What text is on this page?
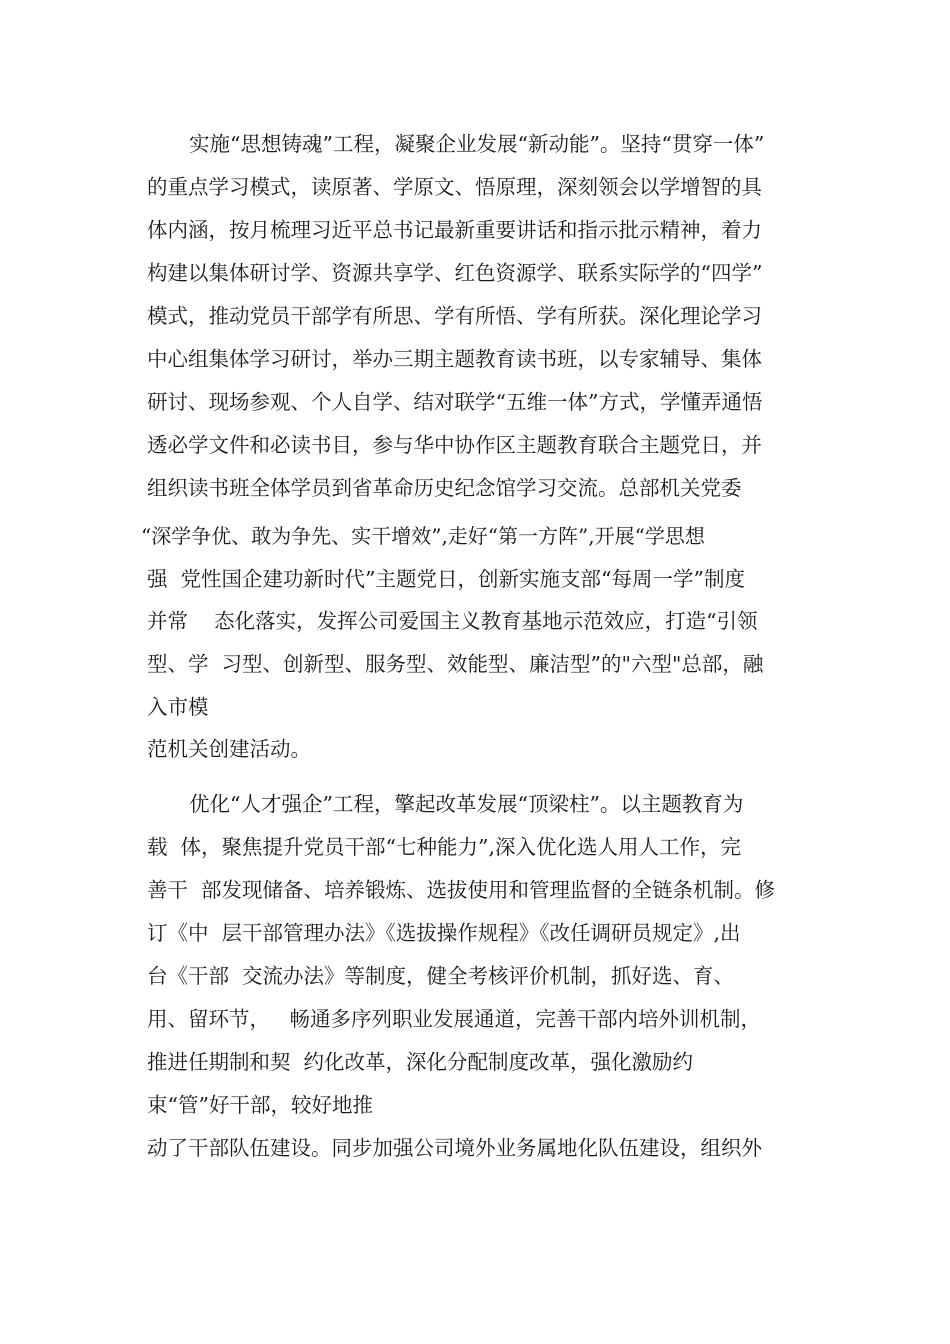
实施“思想铸魂”工程，凝聚企业发展“新动能”。坚持“贯穿一体”
的重点学习模式，读原著、学原文、悟原理，深刻领会以学增智的具
体内涵，按月梳理习近平总书记最新重要讲话和指示批示精神，着力
构建以集体研讨学、资源共享学、红色资源学、联系实际学的“四学”
模式，推动党员干部学有所思、学有所悟、学有所获。深化理论学习
中心组集体学习研讨，举办三期主题教育读书班，以专家辅导、集体
研讨、现场参观、个人自学、结对联学“五维一体”方式，学懂弄通悟
透必学文件和必读书目，参与华中协作区主题教育联合主题党日，并
组织读书班全体学员到省革命历史纪念馆学习交流。总部机关党委
“深学争优、敢为争先、实干增效”,走好“第一方阵”,开展“学思想
强  党性国企建功新时代”主题党日，创新实施支部“每周一学”制度
并常    态化落实，发挥公司爱国主义教育基地示范效应，打造“引领
型、学  习型、创新型、服务型、效能型、廉洁型”的"六型"总部，融
入市模
范机关创建活动。
优化“人才强企”工程，擎起改革发展“顶梁柱”。以主题教育为
载  体，聚焦提升党员干部“七种能力”,深入优化选人用人工作，完
善干  部发现储备、培养锻炼、选拔使用和管理监督的全链条机制。修
订《中  层干部管理办法》《选拔操作规程》《改任调研员规定》,出
台《干部  交流办法》等制度，健全考核评价机制，抓好选、育、
用、留环节，   畅通多序列职业发展通道，完善干部内培外训机制，
推进任期制和契  约化改革，深化分配制度改革，强化激励约
束“管”好干部，较好地推
动了干部队伍建设。同步加强公司境外业务属地化队伍建设，组织外
